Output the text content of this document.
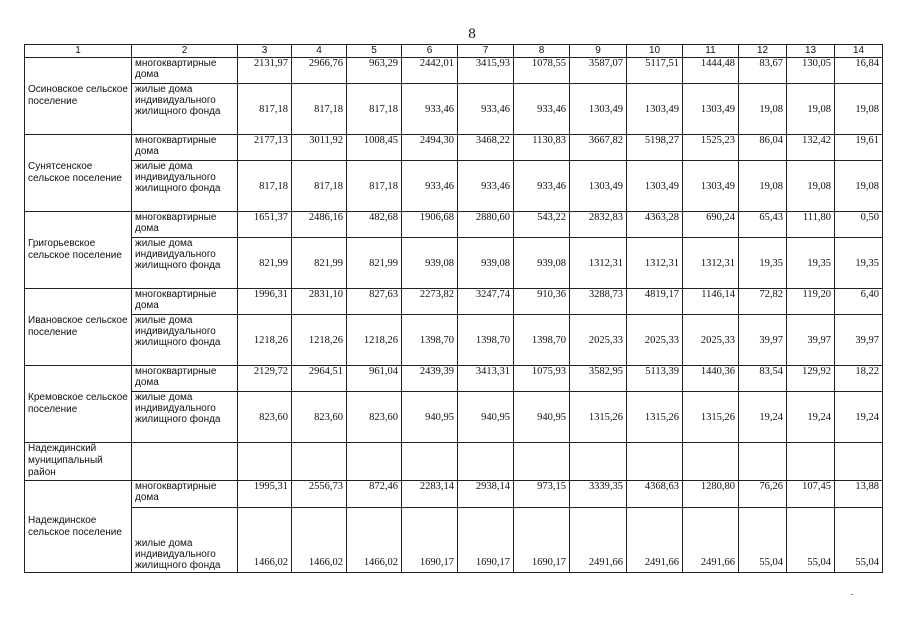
8
1	2	3	4	5	6	7	8	9	10	11	12	13	14
Осиновское сельское поселение	многоквартирные дома	2131,97	2966,76	963,29	2442,01	3415,93	1078,55	3587,07	5117,51	1444,48	83,67	130,05	16,84
	жилые дома индивидуального жилищного фонда	817,18	817,18	817,18	933,46	933,46	933,46	1303,49	1303,49	1303,49	19,08	19,08	19,08
Сунятсенское сельское поселение	многоквартирные дома	2177,13	3011,92	1008,45	2494,30	3468,22	1130,83	3667,82	5198,27	1525,23	86,04	132,42	19,61
	жилые дома индивидуального жилищного фонда	817,18	817,18	817,18	933,46	933,46	933,46	1303,49	1303,49	1303,49	19,08	19,08	19,08
Григорьевское сельское поселение	многоквартирные дома	1651,37	2486,16	482,68	1906,68	2880,60	543,22	2832,83	4363,28	690,24	65,43	111,80	0,50
	жилые дома индивидуального жилищного фонда	821,99	821,99	821,99	939,08	939,08	939,08	1312,31	1312,31	1312,31	19,35	19,35	19,35
Ивановское сельское поселение	многоквартирные дома	1996,31	2831,10	827,63	2273,82	3247,74	910,36	3288,73	4819,17	1146,14	72,82	119,20	6,40
	жилые дома индивидуального жилищного фонда	1218,26	1218,26	1218,26	1398,70	1398,70	1398,70	2025,33	2025,33	2025,33	39,97	39,97	39,97
Кремовское сельское поселение	многоквартирные дома	2129,72	2964,51	961,04	2439,39	3413,31	1075,93	3582,95	5113,39	1440,36	83,54	129,92	18,22
	жилые дома индивидуального жилищного фонда	823,60	823,60	823,60	940,95	940,95	940,95	1315,26	1315,26	1315,26	19,24	19,24	19,24
Надеждинский муниципальный район													
Надеждинское сельское поселение	многоквартирные дома	1995,31	2556,73	872,46	2283,14	2938,14	973,15	3339,35	4368,63	1280,80	76,26	107,45	13,88
	жилые дома индивидуального жилищного фонда	1466,02	1466,02	1466,02	1690,17	1690,17	1690,17	2491,66	2491,66	2491,66	55,04	55,04	55,04
